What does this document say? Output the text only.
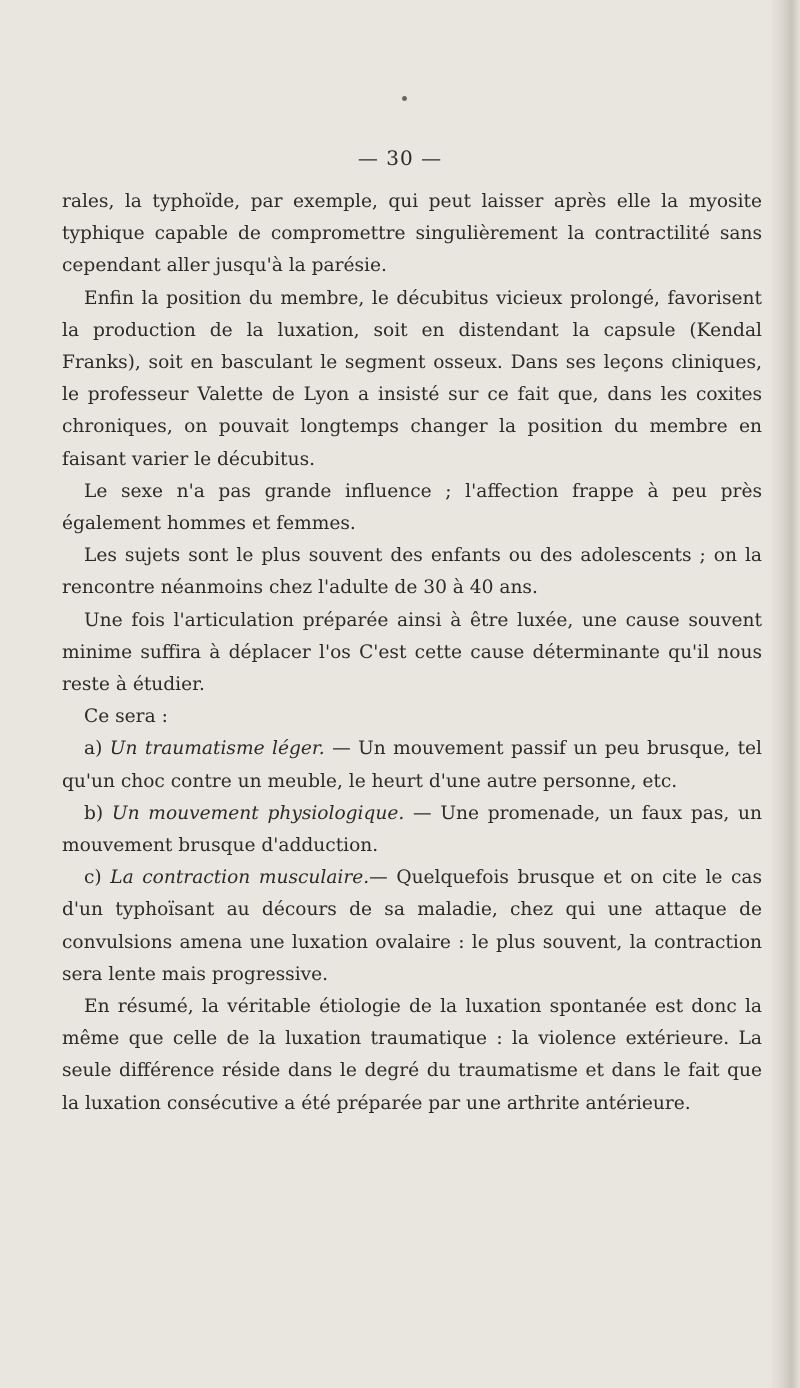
— 30 —

rales, la typhoïde, par exemple, qui peut laisser après elle la myosite typhique capable de compromettre singulièrement la contractilité sans cependant aller jusqu'à la parésie.

Enfin la position du membre, le décubitus vicieux prolongé, favorisent la production de la luxation, soit en distendant la capsule (Kendal Franks), soit en basculant le segment osseux. Dans ses leçons cliniques, le professeur Valette de Lyon a insisté sur ce fait que, dans les coxites chroniques, on pouvait longtemps changer la position du membre en faisant varier le décubitus.

Le sexe n'a pas grande influence ; l'affection frappe à peu près également hommes et femmes.

Les sujets sont le plus souvent des enfants ou des adolescents ; on la rencontre néanmoins chez l'adulte de 30 à 40 ans.

Une fois l'articulation préparée ainsi à être luxée, une cause souvent minime suffira à déplacer l'os C'est cette cause déterminante qu'il nous reste à étudier.

Ce sera :

a) Un traumatisme léger. — Un mouvement passif un peu brusque, tel qu'un choc contre un meuble, le heurt d'une autre personne, etc.

b) Un mouvement physiologique. — Une promenade, un faux pas, un mouvement brusque d'adduction.

c) La contraction musculaire.— Quelquefois brusque et on cite le cas d'un typhoïsant au décours de sa maladie, chez qui une attaque de convulsions amena une luxation ovalaire : le plus souvent, la contraction sera lente mais progressive.

En résumé, la véritable étiologie de la luxation spontanée est donc la même que celle de la luxation traumatique : la violence extérieure. La seule différence réside dans le degré du traumatisme et dans le fait que la luxation consécutive a été préparée par une arthrite antérieure.
